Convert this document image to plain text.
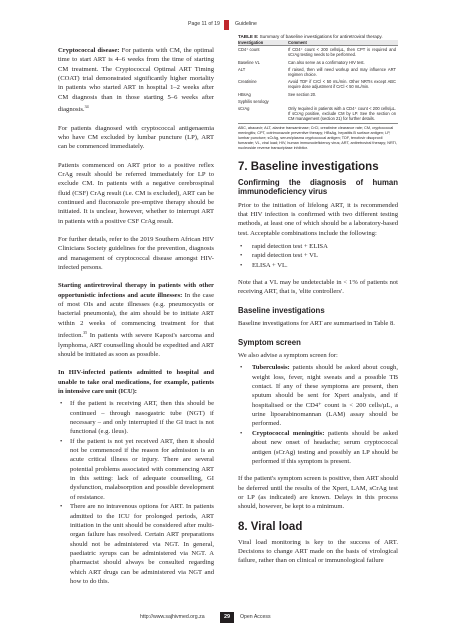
Page 11 of 19	Guideline

Cryptococcal disease: For patients with CM, the optimal time to start ART is 4–6 weeks from the time of starting CM treatment. The Cryptococcal Optimal ART Timing (COAT) trial demonstrated significantly higher mortality in patients who started ART in hospital 1–2 weeks after CM diagnosis than in those starting 5–6 weeks after diagnosis.$^{34}$

For patients diagnosed with cryptococcal antigenaemia who have CM excluded by lumbar puncture (LP), ART can be commenced immediately.

Patients commenced on ART prior to a positive reflex CrAg result should be referred immediately for LP to exclude CM. In patients with a negative cerebrospinal fluid (CSF) CrAg result (i.e. CM is excluded), ART can be continued and fluconazole pre-emptive therapy should be initiated. It is unclear, however, whether to interrupt ART in patients with a positive CSF CrAg result.

For further details, refer to the 2019 Southern African HIV Clinicians Society guidelines for the prevention, diagnosis and management of cryptococcal disease amongst HIV-infected persons.

Starting antiretroviral therapy in patients with other opportunistic infections and acute illnesses: In the case of most OIs and acute illnesses (e.g. pneumocystis or bacterial pneumonia), the aim should be to initiate ART within 2 weeks of commencing treatment for that infection.$^{35}$ In patients with severe Kaposi's sarcoma and lymphoma, ART counselling should be expedited and ART should be initiated as soon as possible.

In HIV-infected patients admitted to hospital and unable to take oral medications, for example, patients in intensive care unit (ICU):

• If the patient is receiving ART, then this should be continued – through nasogastric tube (NGT) if necessary – and only interrupted if the GI tract is not functional (e.g. ileus).
• If the patient is not yet received ART, then it should not be commenced if the reason for admission is an acute critical illness or injury. There are several potential problems associated with commencing ART in this setting: lack of adequate counselling, GI dysfunction, malabsorption and possible development of resistance.
• There are no intravenous options for ART. In patients admitted to the ICU for prolonged periods, ART initiation in the unit should be considered after multi-organ failure has resolved. Certain ART preparations should not be administered via NGT. In general, paediatric syrups can be administered via NGT. A pharmacist should always be consulted regarding which ART drugs can be administered via NGT and how to do this.
TABLE 8: Summary of baseline investigations for antiretroviral therapy.
Investigation	Comment
CD4⁺ count	If CD4⁺ count < 200 cells/µL, then CPT is required and sCrAg testing needs to be performed.
Baseline VL	Can also serve as a confirmatory HIV test.
ALT	If raised, then will need workup and may influence ART regimen choice.
Creatinine	Avoid TDF if CrCl < 50 mL/min. Other NRTIs except ABC require dose adjustment if CrCl < 50 mL/min.
HBsAg	See section 20.
Syphilis serology	
sCrAg	Only required in patients with a CD4⁺ count < 200 cells/µL. If sCrAg positive, exclude CM by LP. See the section on CM management (section 21) for further details.
ABC, abacavir; ALT, alanine transaminase; CrCl, creatinine clearance rate; CM, cryptococcal meningitis; CPT, cotrimoxazole preventive therapy; HBsAg, hepatitis B surface antigen; LP, lumbar puncture; sCrAg, serum/plasma cryptococcal antigen; TDF, tenofovir disoproxil fumarate; VL, viral load; HIV, human immunodeficiency virus; ART, antiretroviral therapy; NRTI, nucleoside reverse transcriptase inhibitor.
7. Baseline investigations
Confirming the diagnosis of human immunodeficiency virus

Prior to the initiation of lifelong ART, it is recommended that HIV infection is confirmed with two different testing methods, at least one of which should be a laboratory-based test. Acceptable combinations include the following:

• rapid detection test + ELISA
• rapid detection test + VL
• ELISA + VL.

Note that a VL may be undetectable in < 1% of patients not receiving ART, that is, 'elite controllers'.

Baseline investigations

Baseline investigations for ART are summarised in Table 8.

Symptom screen

We also advise a symptom screen for:

• Tuberculosis: patients should be asked about cough, weight loss, fever, night sweats and a possible TB contact. If any of these symptoms are present, then sputum should be sent for Xpert analysis, and if hospitalised or the CD4⁺ count is < 200 cells/µL, a urine lipoarabinomannan (LAM) assay should be performed.
• Cryptococcal meningitis: patients should be asked about new onset of headache; serum cryptococcal antigen (sCrAg) testing and possibly an LP should be performed if this symptom is present.

If the patient's symptom screen is positive, then ART should be deferred until the results of the Xpert, LAM, sCrAg test or LP (as indicated) are known. Delays in this process should, however, be kept to a minimum.

8. Viral load

Viral load monitoring is key to the success of ART. Decisions to change ART made on the basis of virological failure, rather than on clinical or immunological failure

http://www.sajhivmed.org.za	29	Open Access
